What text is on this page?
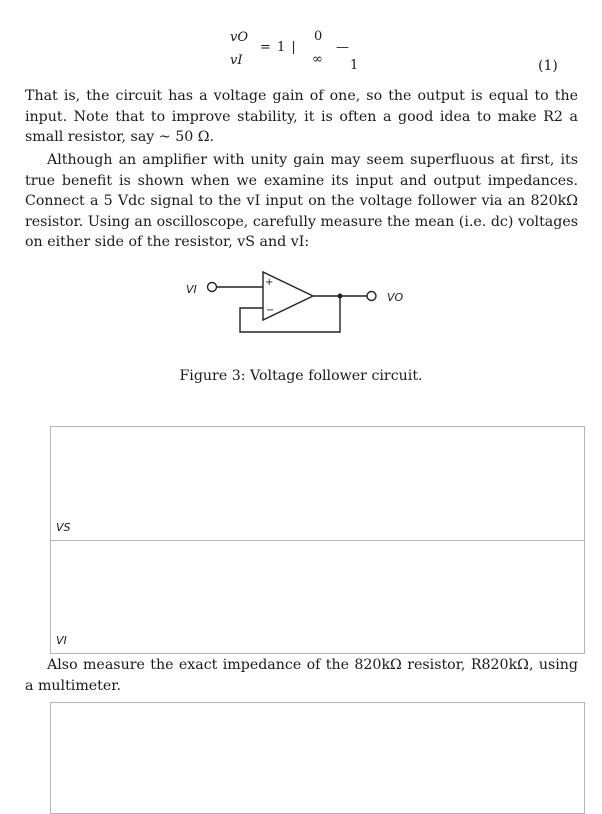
vO
vI
= 1 |
0
∞
—
1	(1)

That is, the circuit has a voltage gain of one, so the output is equal to the input. Note that to improve stability, it is often a good idea to make R2 a small resistor, say ~ 50 Ω.

Although an amplifier with unity gain may seem superfluous at first, its true benefit is shown when we examine its input and output impedances. Connect a 5 Vdc signal to the vI input on the voltage follower via an 820kΩ resistor. Using an oscilloscope, carefully measure the mean (i.e. dc) voltages on either side of the resistor, vS and vI:

VI
+
−
VO
Figure 3: Voltage follower circuit.
VS
VI

Also measure the exact impedance of the 820kΩ resistor, R820kΩ, using a multimeter.
